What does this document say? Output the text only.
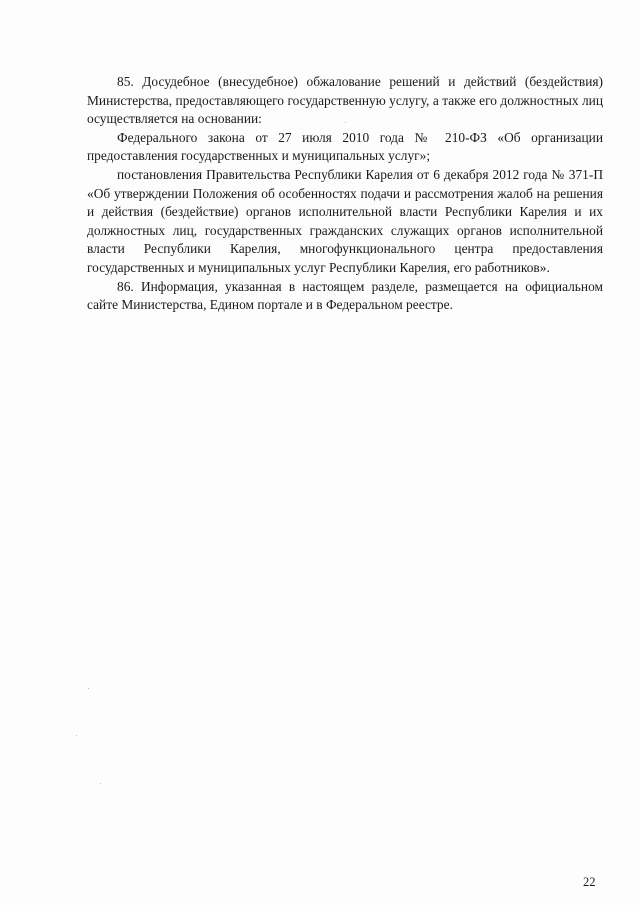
85. Досудебное (внесудебное) обжалование решений и действий (бездействия) Министерства, предоставляющего государственную услугу, а также его должностных лиц осуществляется на основании:

Федерального закона от 27 июля 2010 года № 210-ФЗ «Об организации предоставления государственных и муниципальных услуг»;

постановления Правительства Республики Карелия от 6 декабря 2012 года № 371-П «Об утверждении Положения об особенностях подачи и рассмотрения жалоб на решения и действия (бездействие) органов исполнительной власти Республики Карелия и их должностных лиц, государственных гражданских служащих органов исполнительной власти Республики Карелия, многофункционального центра предоставления государственных и муниципальных услуг Республики Карелия, его работников».

86. Информация, указанная в настоящем разделе, размещается на официальном сайте Министерства, Едином портале и в Федеральном реестре.

22
